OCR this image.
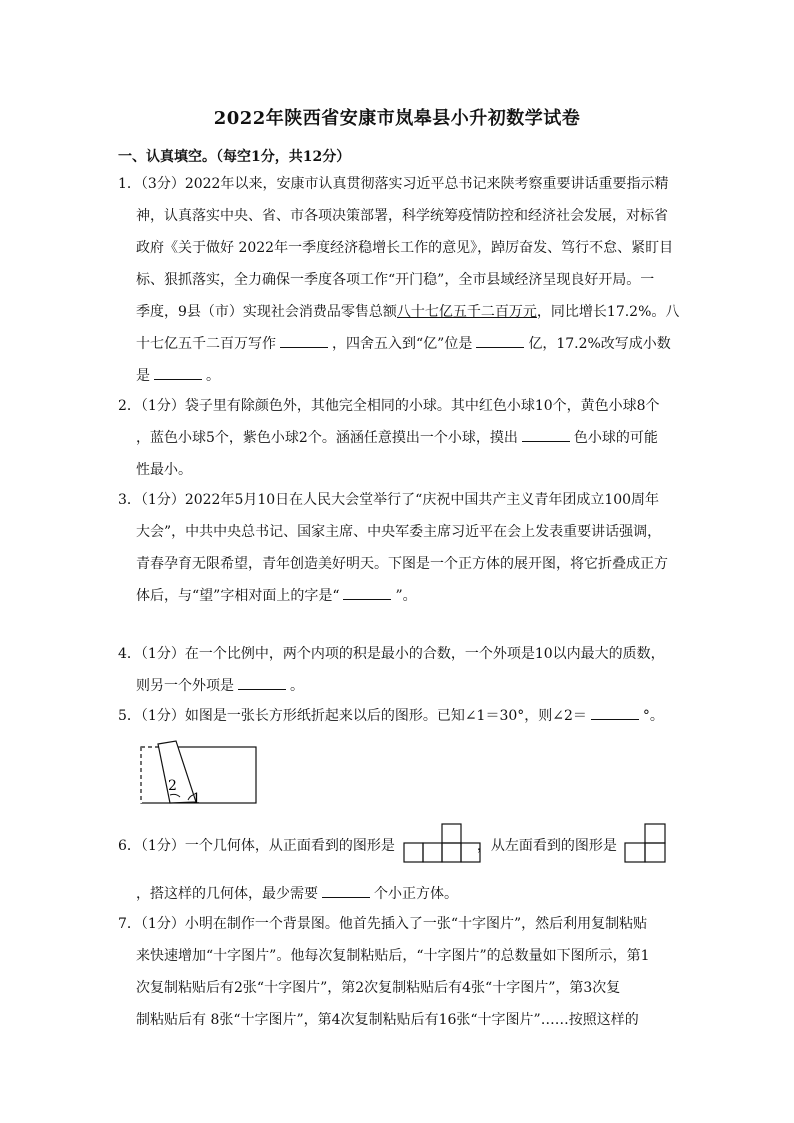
2022年陕西省安康市岚皋县小升初数学试卷
一、认真填空。（每空1分，共12分）

1．（3分）2022年以来，安康市认真贯彻落实习近平总书记来陕考察重要讲话重要指示精

神，认真落实中央、省、市各项决策部署，科学统筹疫情防控和经济社会发展，对标省

政府《关于做好 2022年一季度经济稳增长工作的意见》，踔厉奋发、笃行不怠、紧盯目

标、狠抓落实，全力确保一季度各项工作“开门稳”，全市县域经济呈现良好开局。一

季度，9县（市）实现社会消费品零售总额八十七亿五千二百万元，同比增长17.2%。八

十七亿五千二百万写作	，四舍五入到“亿”位是	亿，17.2%改写成小数

是	。

2．（1分）袋子里有除颜色外，其他完全相同的小球。其中红色小球10个，黄色小球8个

，蓝色小球5个，紫色小球2个。涵涵任意摸出一个小球，摸出	色小球的可能

性最小。

3．（1分）2022年5月10日在人民大会堂举行了“庆祝中国共产主义青年团成立100周年

大会”，中共中央总书记、国家主席、中央军委主席习近平在会上发表重要讲话强调，

青春孕育无限希望，青年创造美好明天。下图是一个正方体的展开图，将它折叠成正方

体后，与“望”字相对面上的字是“	”。

4．（1分）在一个比例中，两个内项的积是最小的合数，一个外项是10以内最大的质数，

则另一个外项是	。

5．（1分）如图是一张长方形纸折起来以后的图形。已知∠1＝30°，则∠2＝	°。

2
1

6．（1分）一个几何体，从正面看到的图形是	，从左面看到的图形是

，搭这样的几何体，最少需要	个小正方体。

7．（1分）小明在制作一个背景图。他首先插入了一张“十字图片”，然后利用复制粘贴

来快速增加“十字图片”。他每次复制粘贴后，“十字图片”的总数量如下图所示，第1

次复制粘贴后有2张“十字图片”，第2次复制粘贴后有4张“十字图片”，第3次复

制粘贴后有 8张“十字图片”，第4次复制粘贴后有16张“十字图片”……按照这样的
